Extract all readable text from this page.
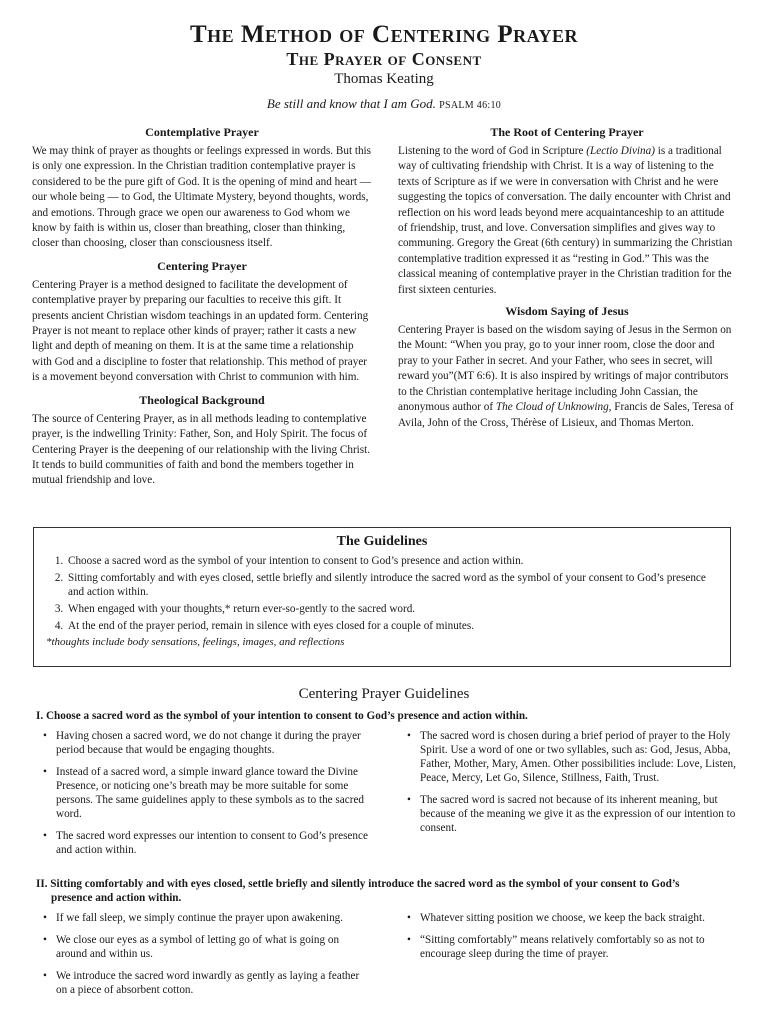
The Method of Centering Prayer
The Prayer of Consent
Thomas Keating
Be still and know that I am God. PSALM 46:10
Contemplative Prayer

We may think of prayer as thoughts or feelings expressed in words. But this is only one expression. In the Christian tradition contemplative prayer is considered to be the pure gift of God. It is the opening of mind and heart — our whole being — to God, the Ultimate Mystery, beyond thoughts, words, and emotions. Through grace we open our awareness to God whom we know by faith is within us, closer than breathing, closer than thinking, closer than choosing, closer than consciousness itself.

Centering Prayer

Centering Prayer is a method designed to facilitate the development of contemplative prayer by preparing our faculties to receive this gift. It presents ancient Christian wisdom teachings in an updated form. Centering Prayer is not meant to replace other kinds of prayer; rather it casts a new light and depth of meaning on them. It is at the same time a relationship with God and a discipline to foster that relationship. This method of prayer is a movement beyond conversation with Christ to communion with him.

Theological Background

The source of Centering Prayer, as in all methods leading to contemplative prayer, is the indwelling Trinity: Father, Son, and Holy Spirit. The focus of Centering Prayer is the deepening of our relationship with the living Christ. It tends to build communities of faith and bond the members together in mutual friendship and love.

The Root of Centering Prayer

Listening to the word of God in Scripture (Lectio Divina) is a traditional way of cultivating friendship with Christ. It is a way of listening to the texts of Scripture as if we were in conversation with Christ and he were suggesting the topics of conversation. The daily encounter with Christ and reflection on his word leads beyond mere acquaintanceship to an attitude of friendship, trust, and love. Conversation simplifies and gives way to communing. Gregory the Great (6th century) in summarizing the Christian contemplative tradition expressed it as “resting in God.” This was the classical meaning of contemplative prayer in the Christian tradition for the first sixteen centuries.

Wisdom Saying of Jesus

Centering Prayer is based on the wisdom saying of Jesus in the Sermon on the Mount: “When you pray, go to your inner room, close the door and pray to your Father in secret. And your Father, who sees in secret, will reward you”(MT 6:6). It is also inspired by writings of major contributors to the Christian contemplative heritage including John Cassian, the anonymous author of The Cloud of Unknowing, Francis de Sales, Teresa of Avila, John of the Cross, Thérèse of Lisieux, and Thomas Merton.

The Guidelines
1. Choose a sacred word as the symbol of your intention to consent to God’s presence and action within.
2. Sitting comfortably and with eyes closed, settle briefly and silently introduce the sacred word as the symbol of your consent to God’s presence and action within.
3. When engaged with your thoughts,* return ever-so-gently to the sacred word.
4. At the end of the prayer period, remain in silence with eyes closed for a couple of minutes.
*thoughts include body sensations, feelings, images, and reflections
Centering Prayer Guidelines
I. Choose a sacred word as the symbol of your intention to consent to God’s presence and action within.
• Having chosen a sacred word, we do not change it during the prayer period because that would be engaging thoughts.
• Instead of a sacred word, a simple inward glance toward the Divine Presence, or noticing one’s breath may be more suitable for some persons. The same guidelines apply to these symbols as to the sacred word.
• The sacred word expresses our intention to consent to God’s presence and action within.
• The sacred word is chosen during a brief period of prayer to the Holy Spirit. Use a word of one or two syllables, such as: God, Jesus, Abba, Father, Mother, Mary, Amen. Other possibilities include: Love, Listen, Peace, Mercy, Let Go, Silence, Stillness, Faith, Trust.
• The sacred word is sacred not because of its inherent meaning, but because of the meaning we give it as the expression of our intention to consent.
II. Sitting comfortably and with eyes closed, settle briefly and silently introduce the sacred word as the symbol of your consent to God’s
presence and action within.
• If we fall sleep, we simply continue the prayer upon awakening.
• We close our eyes as a symbol of letting go of what is going on around and within us.
• We introduce the sacred word inwardly as gently as laying a feather on a piece of absorbent cotton.
• Whatever sitting position we choose, we keep the back straight.
• “Sitting comfortably” means relatively comfortably so as not to encourage sleep during the time of prayer.
